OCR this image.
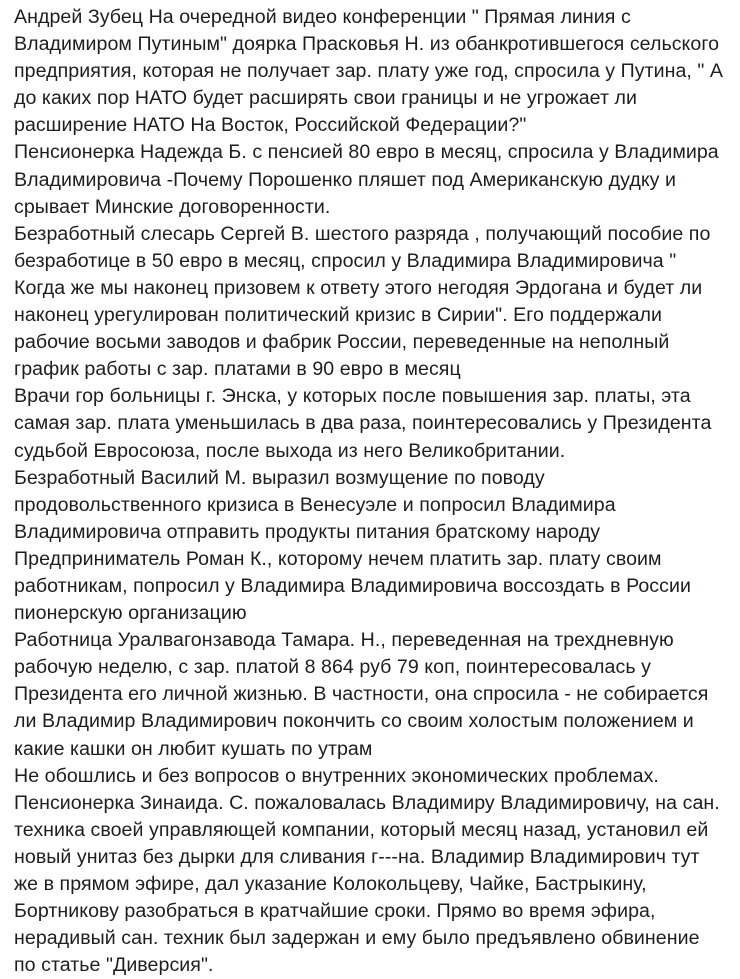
Андрей Зубец На очередной видео конференции " Прямая линия с
Владимиром Путиным" доярка Прасковья Н. из обанкротившегося сельского
предприятия, которая не получает зар. плату уже год, спросила у Путина, " А
до каких пор НАТО будет расширять свои границы и не угрожает ли
расширение НАТО На Восток, Российской Федерации?"
Пенсионерка Надежда Б. с пенсией 80 евро в месяц, спросила у Владимира
Владимировича -Почему Порошенко пляшет под Американскую дудку и
срывает Минские договоренности.
Безработный слесарь Сергей В. шестого разряда , получающий пособие по
безработице в 50 евро в месяц, спросил у Владимира Владимировича "
Когда же мы наконец призовем к ответу этого негодяя Эрдогана и будет ли
наконец урегулирован политический кризис в Сирии". Его поддержали
рабочие восьми заводов и фабрик России, переведенные на неполный
график работы с зар. платами в 90 евро в месяц
Врачи гор больницы г. Энска, у которых после повышения зар. платы, эта
самая зар. плата уменьшилась в два раза, поинтересовались у Президента
судьбой Евросоюза, после выхода из него Великобритании.
Безработный Василий М. выразил возмущение по поводу
продовольственного кризиса в Венесуэле и попросил Владимира
Владимировича отправить продукты питания братскому народу
Предприниматель Роман К., которому нечем платить зар. плату своим
работникам, попросил у Владимира Владимировича воссоздать в России
пионерскую организацию
Работница Уралвагонзавода Тамара. Н., переведенная на трехдневную
рабочую неделю, с зар. платой 8 864 руб 79 коп, поинтересовалась у
Президента его личной жизнью. В частности, она спросила - не собирается
ли Владимир Владимирович покончить со своим холостым положением и
какие кашки он любит кушать по утрам
Не обошлись и без вопросов о внутренних экономических проблемах.
Пенсионерка Зинаида. С. пожаловалась Владимиру Владимировичу, на сан.
техника своей управляющей компании, который месяц назад, установил ей
новый унитаз без дырки для сливания г---на. Владимир Владимирович тут
же в прямом эфире, дал указание Колокольцеву, Чайке, Бастрыкину,
Бортникову разобраться в кратчайшие сроки. Прямо во время эфира,
нерадивый сан. техник был задержан и ему было предъявлено обвинение
по статье "Диверсия".
